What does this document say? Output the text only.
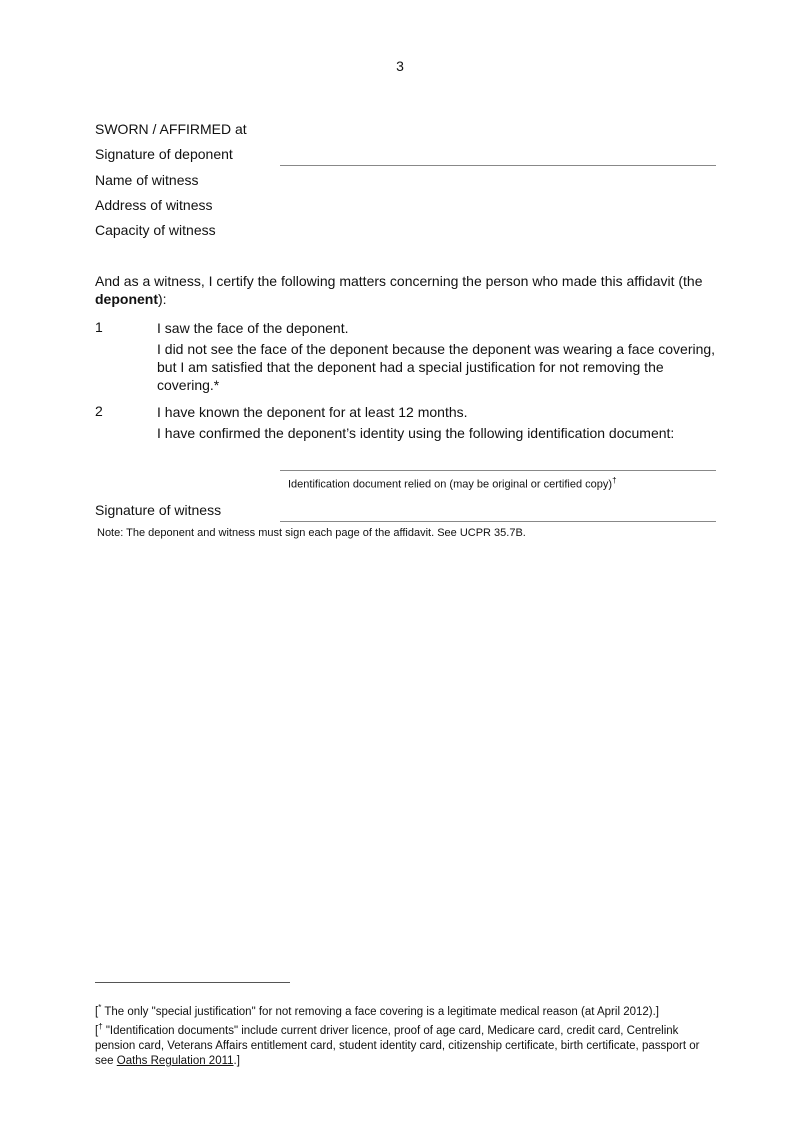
3
SWORN / AFFIRMED at
Signature of deponent
Name of witness
Address of witness
Capacity of witness
And as a witness, I certify the following matters concerning the person who made this affidavit (the deponent):
1	I saw the face of the deponent.
I did not see the face of the deponent because the deponent was wearing a face covering, but I am satisfied that the deponent had a special justification for not removing the covering.*
2	I have known the deponent for at least 12 months.
I have confirmed the deponent’s identity using the following identification document:
Identification document relied on (may be original or certified copy)†
Signature of witness
Note: The deponent and witness must sign each page of the affidavit. See UCPR 35.7B.
[* The only "special justification" for not removing a face covering is a legitimate medical reason (at April 2012).]
[† "Identification documents" include current driver licence, proof of age card, Medicare card, credit card, Centrelink pension card, Veterans Affairs entitlement card, student identity card, citizenship certificate, birth certificate, passport or see Oaths Regulation 2011.]
